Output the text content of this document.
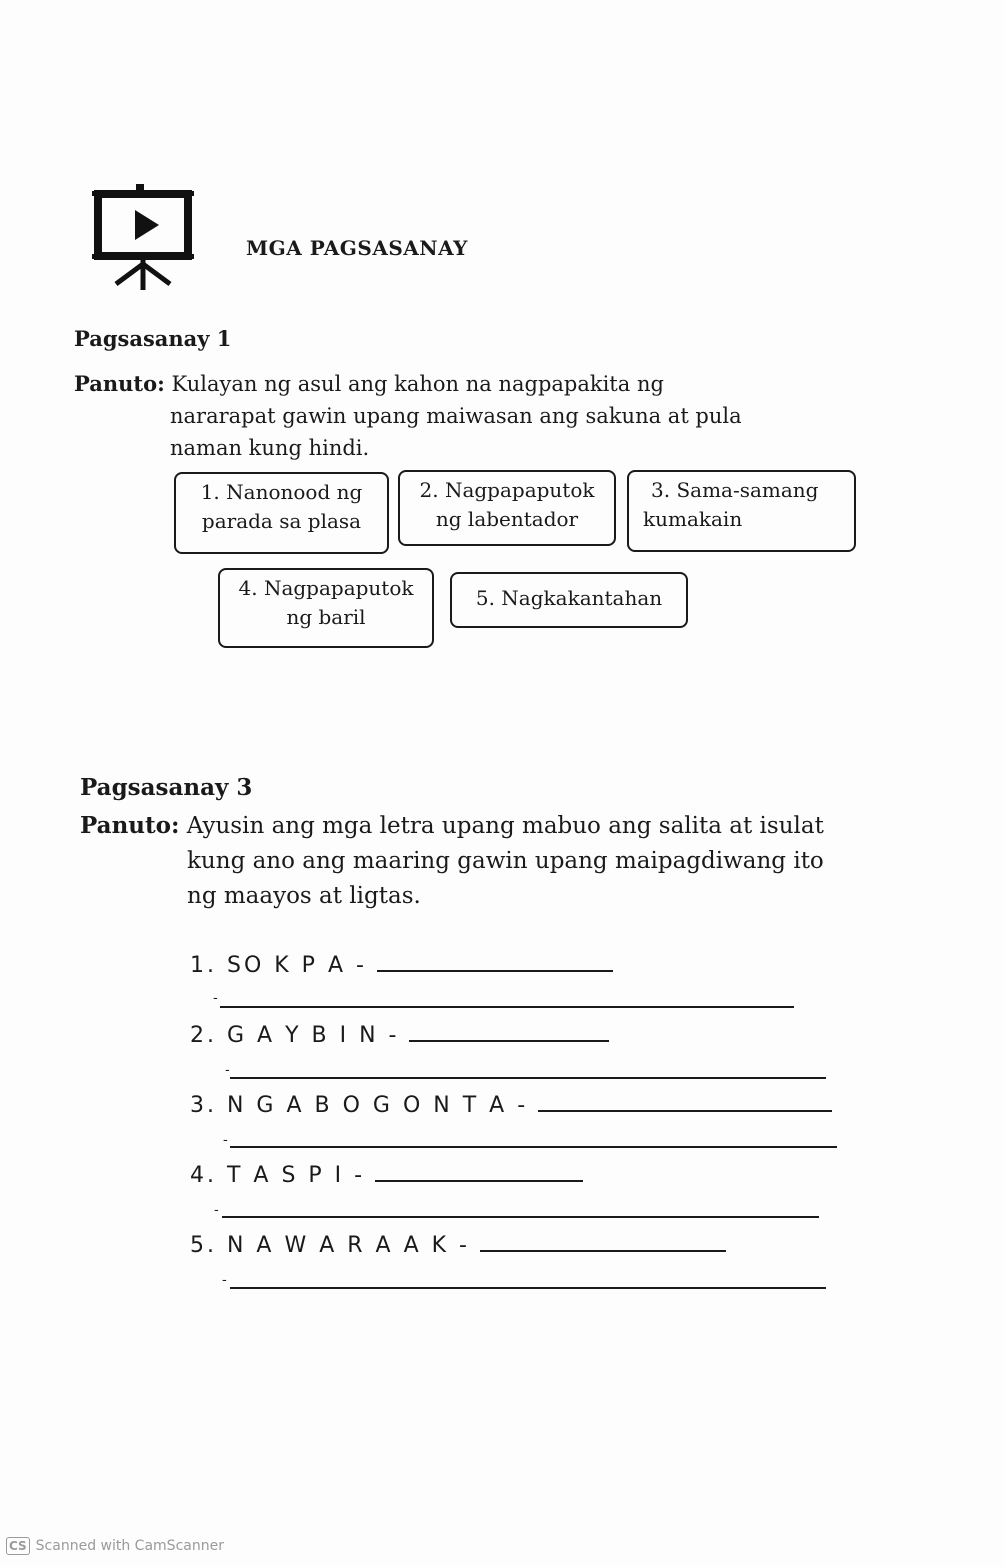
MGA PAGSASANAY
Pagsasanay 1
Panuto: Kulayan ng asul ang kahon na nagpapakita ng
nararapat gawin upang maiwasan ang sakuna at pula
naman kung hindi.
1. Nanonood ng
parada sa plasa
2. Nagpapaputok
ng labentador
3. Sama-samang
kumakain
4. Nagpapaputok
ng baril
5. Nagkakantahan
Pagsasanay 3
Panuto: Ayusin ang mga letra upang mabuo ang salita at isulat
kung ano ang maaring gawin upang maipagdiwang ito
ng maayos at ligtas.
1. SO K P A -
-
2. G A Y B I N -
-
3. N G A B O G O N T A -
-
4. T A S P I -
-
5. N A W A R A A K -
-
CS Scanned with CamScanner
